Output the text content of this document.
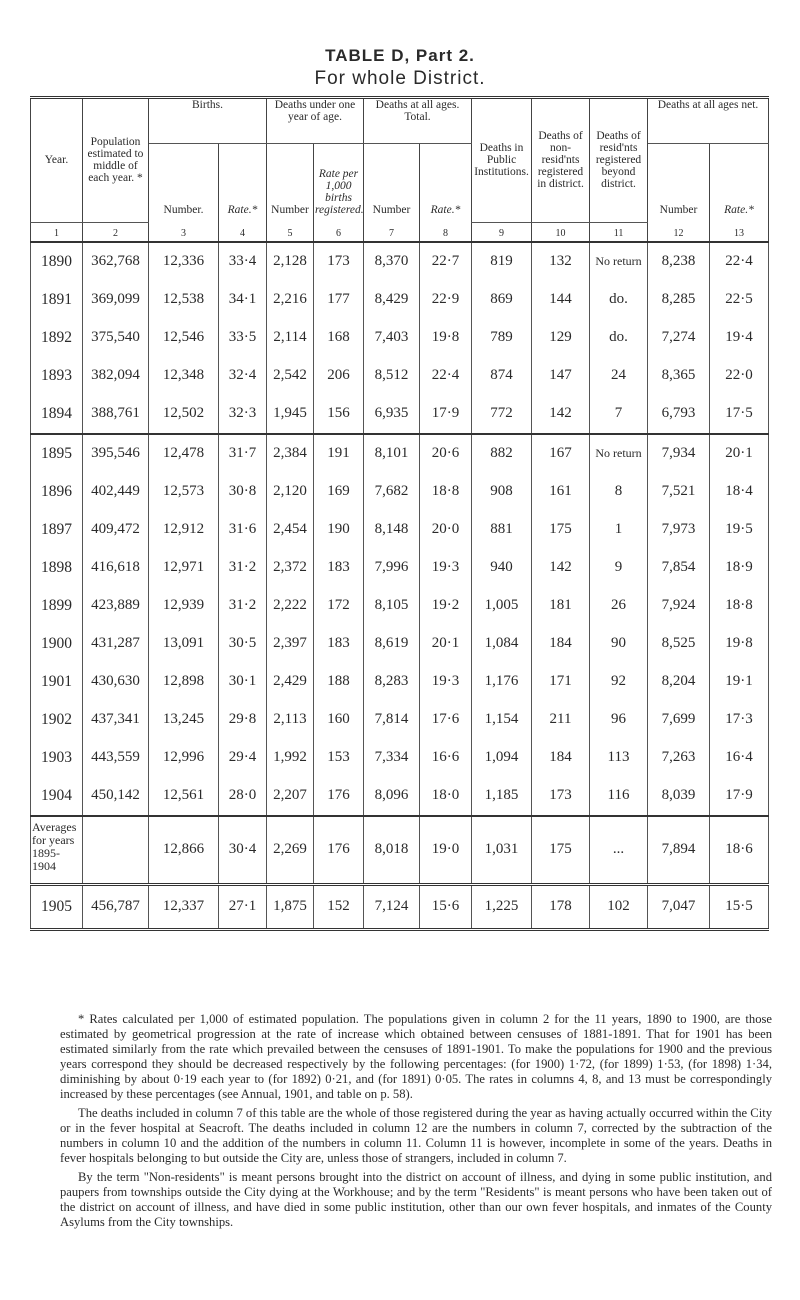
TABLE D, Part 2.
For whole District.
Year.	Population estimated to middle of each year. *	Births.		Deaths under one year of age.		Deaths at all ages. Total.		Deaths in Public Institutions.	Deaths of non-resid'nts registered in district.	Deaths of resid'nts registered beyond district.	Deaths at all ages net.	
		Number.	Rate.*	Number	Rate per 1,000 births registered.	Number	Rate.*				Number	Rate.*
1	2	3	4	5	6	7	8	9	10	11	12	13
1890	362,768	12,336	33·4	2,128	173	8,370	22·7	819	132	No return	8,238	22·4
1891	369,099	12,538	34·1	2,216	177	8,429	22·9	869	144	do.	8,285	22·5
1892	375,540	12,546	33·5	2,114	168	7,403	19·8	789	129	do.	7,274	19·4
1893	382,094	12,348	32·4	2,542	206	8,512	22·4	874	147	24	8,365	22·0
1894	388,761	12,502	32·3	1,945	156	6,935	17·9	772	142	7	6,793	17·5
1895	395,546	12,478	31·7	2,384	191	8,101	20·6	882	167	No return	7,934	20·1
1896	402,449	12,573	30·8	2,120	169	7,682	18·8	908	161	8	7,521	18·4
1897	409,472	12,912	31·6	2,454	190	8,148	20·0	881	175	1	7,973	19·5
1898	416,618	12,971	31·2	2,372	183	7,996	19·3	940	142	9	7,854	18·9
1899	423,889	12,939	31·2	2,222	172	8,105	19·2	1,005	181	26	7,924	18·8
1900	431,287	13,091	30·5	2,397	183	8,619	20·1	1,084	184	90	8,525	19·8
1901	430,630	12,898	30·1	2,429	188	8,283	19·3	1,176	171	92	8,204	19·1
1902	437,341	13,245	29·8	2,113	160	7,814	17·6	1,154	211	96	7,699	17·3
1903	443,559	12,996	29·4	1,992	153	7,334	16·6	1,094	184	113	7,263	16·4
1904	450,142	12,561	28·0	2,207	176	8,096	18·0	1,185	173	116	8,039	17·9
Averages for years 1895-1904		12,866	30·4	2,269	176	8,018	19·0	1,031	175	...	7,894	18·6
1905	456,787	12,337	27·1	1,875	152	7,124	15·6	1,225	178	102	7,047	15·5

* Rates calculated per 1,000 of estimated population. The populations given in column 2 for the 11 years, 1890 to 1900, are those estimated by geometrical progression at the rate of increase which obtained between censuses of 1881-1891. That for 1901 has been estimated similarly from the rate which prevailed between the censuses of 1891-1901. To make the populations for 1900 and the previous years correspond they should be decreased respectively by the following percentages: (for 1900) 1·72, (for 1899) 1·53, (for 1898) 1·34, diminishing by about 0·19 each year to (for 1892) 0·21, and (for 1891) 0·05. The rates in columns 4, 8, and 13 must be correspondingly increased by these percentages (see Annual, 1901, and table on p. 58).

The deaths included in column 7 of this table are the whole of those registered during the year as having actually occurred within the City or in the fever hospital at Seacroft. The deaths included in column 12 are the numbers in column 7, corrected by the subtraction of the numbers in column 10 and the addition of the numbers in column 11. Column 11 is however, incomplete in some of the years. Deaths in fever hospitals belonging to but outside the City are, unless those of strangers, included in column 7.

By the term "Non-residents" is meant persons brought into the district on account of illness, and dying in some public institution, and paupers from townships outside the City dying at the Workhouse; and by the term "Residents" is meant persons who have been taken out of the district on account of illness, and have died in some public institution, other than our own fever hospitals, and inmates of the County Asylums from the City townships.
